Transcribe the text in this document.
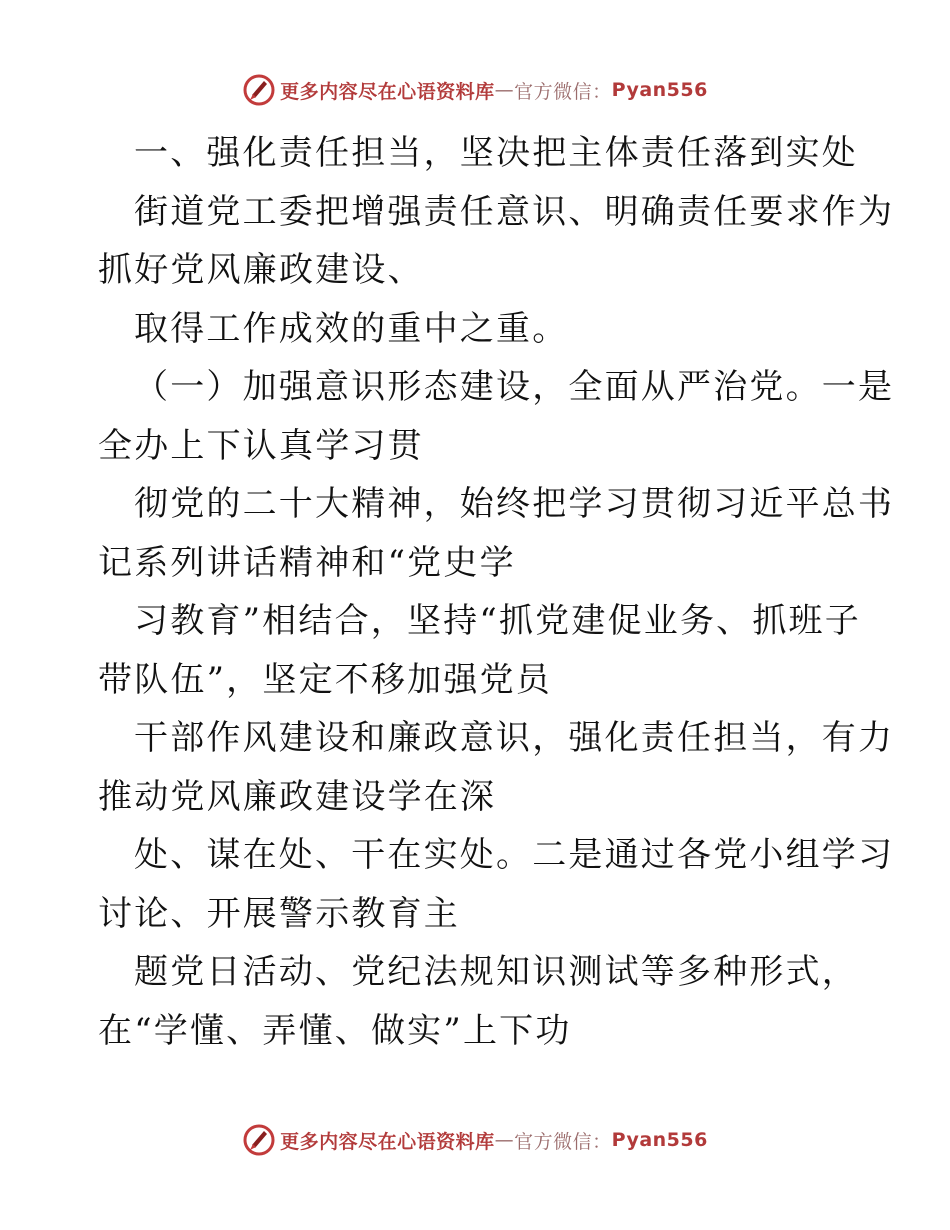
更多内容尽在心语资料库 — 官方微信： Pyan556
一、强化责任担当，坚决把主体责任落到实处
街道党工委把增强责任意识、明确责任要求作为
抓好党风廉政建设、
取得工作成效的重中之重。
（一）加强意识形态建设，全面从严治党。一是
全办上下认真学习贯
彻党的二十大精神，始终把学习贯彻习近平总书
记系列讲话精神和“党史学
习教育”相结合，坚持“抓党建促业务、抓班子
带队伍”，坚定不移加强党员
干部作风建设和廉政意识，强化责任担当，有力
推动党风廉政建设学在深
处、谋在处、干在实处。二是通过各党小组学习
讨论、开展警示教育主
题党日活动、党纪法规知识测试等多种形式，
在“学懂、弄懂、做实”上下功
更多内容尽在心语资料库 — 官方微信： Pyan556
